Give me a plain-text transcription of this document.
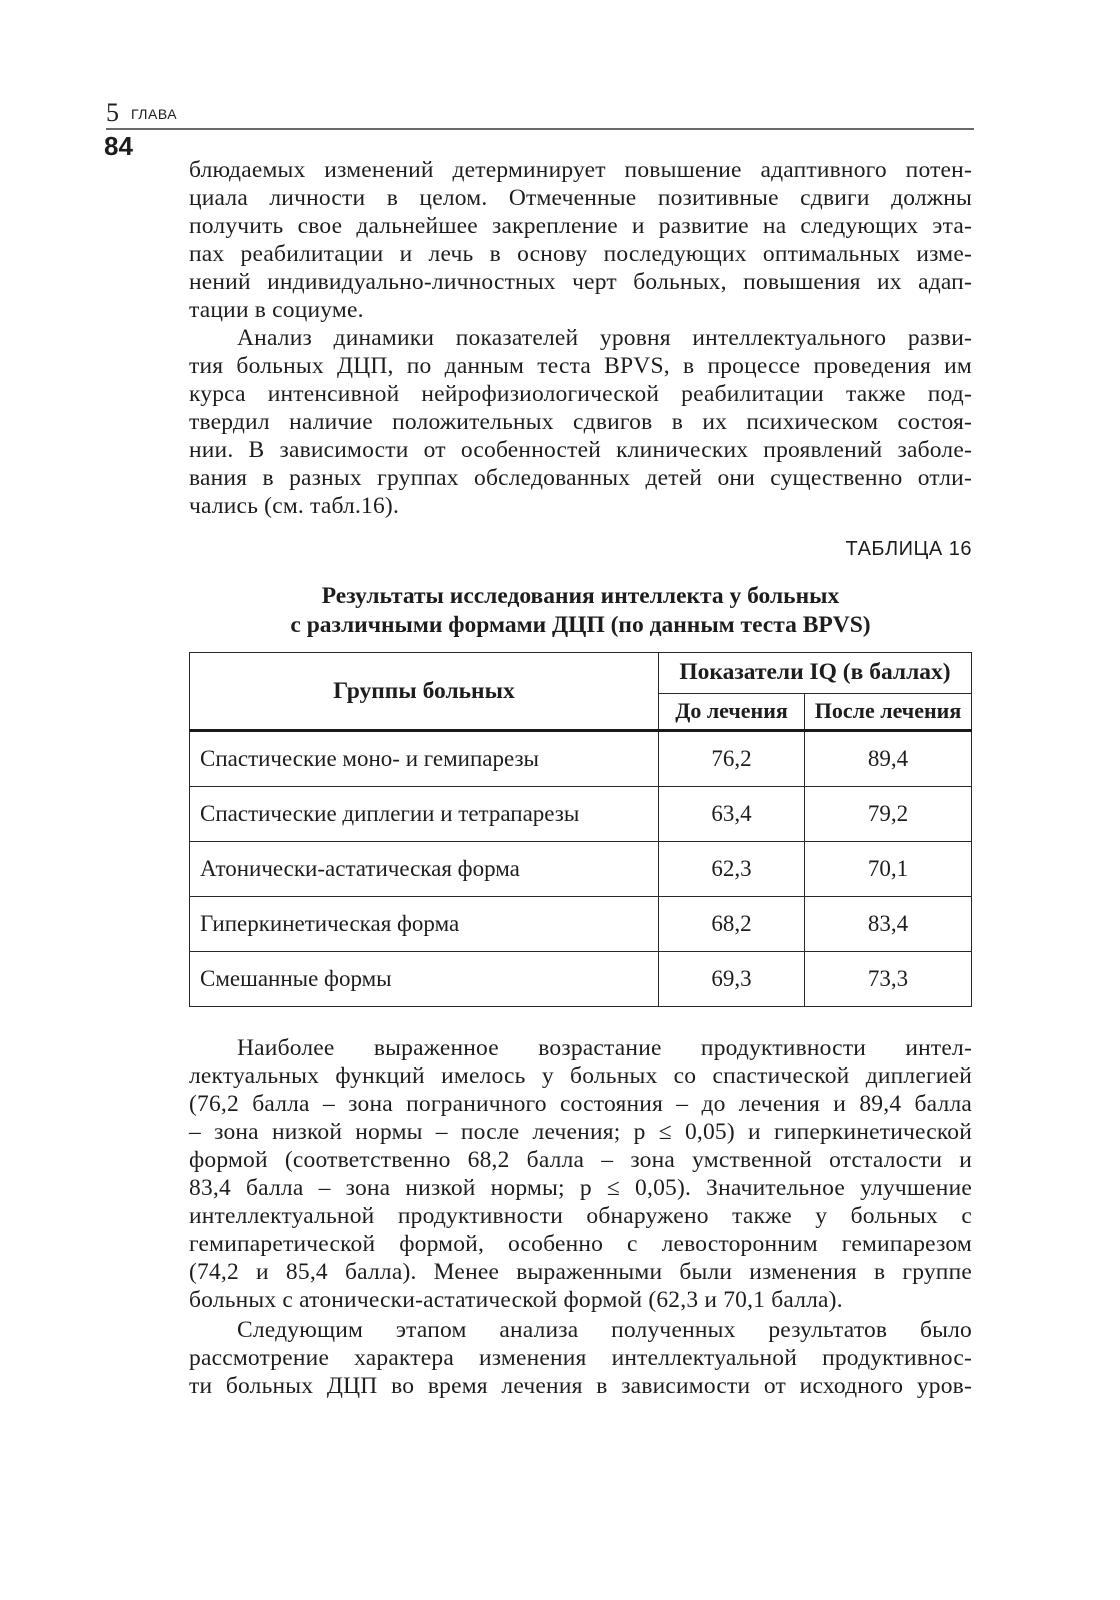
5 ГЛАВА
84
блюдаемых изменений детерминирует повышение адаптивного потен-
циала личности в целом. Отмеченные позитивные сдвиги должны
получить свое дальнейшее закрепление и развитие на следующих эта-
пах реабилитации и лечь в основу последующих оптимальных изме-
нений индивидуально-личностных черт больных, повышения их адап-
тации в социуме.
Анализ динамики показателей уровня интеллектуального разви-
тия больных ДЦП, по данным теста BPVS, в процессе проведения им
курса интенсивной нейрофизиологической реабилитации также под-
твердил наличие положительных сдвигов в их психическом состоя-
нии. В зависимости от особенностей клинических проявлений заболе-
вания в разных группах обследованных детей они существенно отли-
чались (см. табл.16).
ТАБЛИЦА 16
Результаты исследования интеллекта у больных
с различными формами ДЦП (по данным теста BPVS)
Группы больных	Показатели IQ (в баллах)	
	До лечения	После лечения
Спастические моно- и гемипарезы	76,2	89,4
Спастические диплегии и тетрапарезы	63,4	79,2
Атонически-астатическая форма	62,3	70,1
Гиперкинетическая форма	68,2	83,4
Смешанные формы	69,3	73,3
Наиболее выраженное возрастание продуктивности интел-
лектуальных функций имелось у больных со спастической диплегией
(76,2 балла – зона пограничного состояния – до лечения и 89,4 балла
– зона низкой нормы – после лечения; p ≤ 0,05) и гиперкинетической
формой (соответственно 68,2 балла – зона умственной отсталости и
83,4 балла – зона низкой нормы; p ≤ 0,05). Значительное улучшение
интеллектуальной продуктивности обнаружено также у больных с
гемипаретической формой, особенно с левосторонним гемипарезом
(74,2 и 85,4 балла). Менее выраженными были изменения в группе
больных с атонически-астатической формой (62,3 и 70,1 балла).
Следующим этапом анализа полученных результатов было
рассмотрение характера изменения интеллектуальной продуктивнос-
ти больных ДЦП во время лечения в зависимости от исходного уров-
